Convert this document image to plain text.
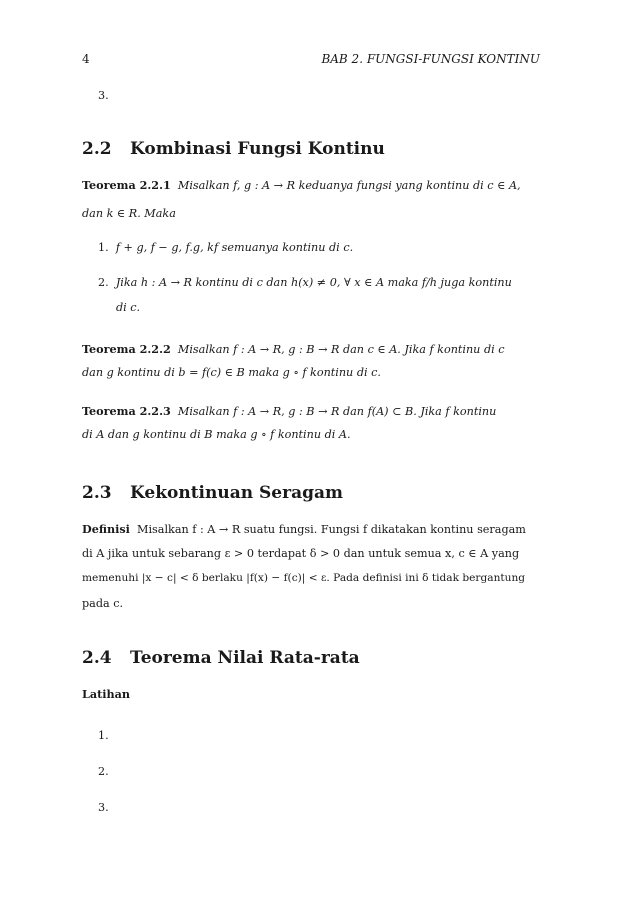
4	BAB 2. FUNGSI-FUNGSI KONTINU
3.
2.2 Kombinasi Fungsi Kontinu
Teorema 2.2.1 Misalkan f, g : A → R keduanya fungsi yang kontinu di c ∈ A,
dan k ∈ R. Maka
1. f + g, f − g, f.g, kf semuanya kontinu di c.
2. Jika h : A → R kontinu di c dan h(x) ≠ 0, ∀ x ∈ A maka f/h juga kontinu
di c.
Teorema 2.2.2 Misalkan f : A → R, g : B → R dan c ∈ A. Jika f kontinu di c
dan g kontinu di b = f(c) ∈ B maka g ∘ f kontinu di c.
Teorema 2.2.3 Misalkan f : A → R, g : B → R dan f(A) ⊂ B. Jika f kontinu
di A dan g kontinu di B maka g ∘ f kontinu di A.
2.3 Kekontinuan Seragam
Definisi Misalkan f : A → R suatu fungsi. Fungsi f dikatakan kontinu seragam
di A jika untuk sebarang ε > 0 terdapat δ > 0 dan untuk semua x, c ∈ A yang
memenuhi |x − c| < δ berlaku |f(x) − f(c)| < ε. Pada definisi ini δ tidak bergantung
pada c.
2.4 Teorema Nilai Rata-rata
Latihan
1.
2.
3.
